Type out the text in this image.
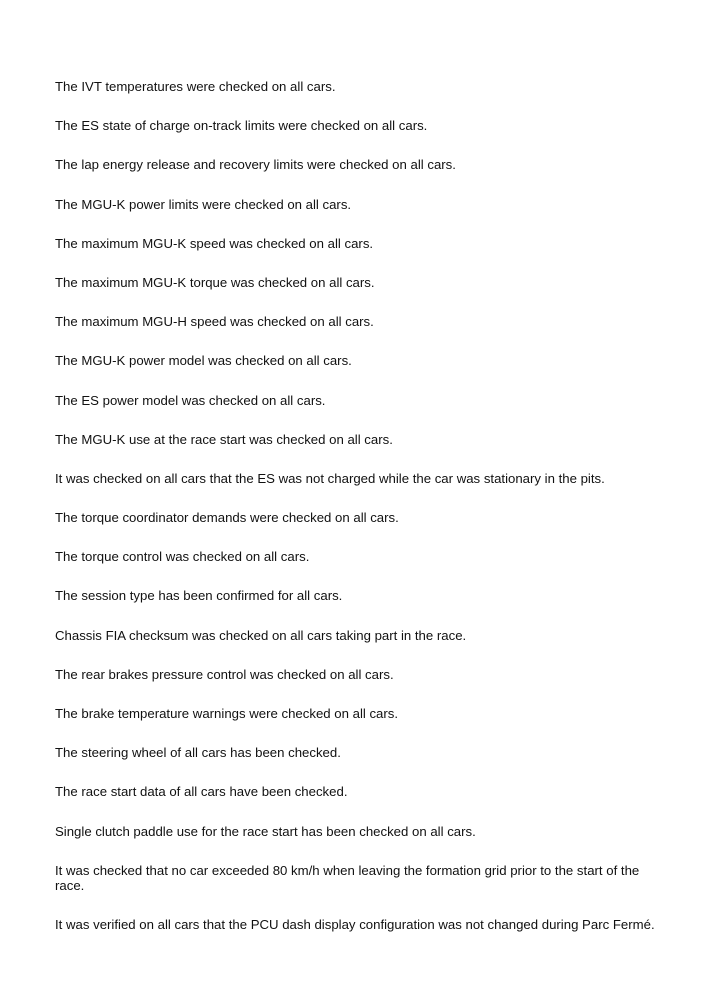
The IVT temperatures were checked on all cars.

The ES state of charge on-track limits were checked on all cars.

The lap energy release and recovery limits were checked on all cars.

The MGU-K power limits were checked on all cars.

The maximum MGU-K speed was checked on all cars.

The maximum MGU-K torque was checked on all cars.

The maximum MGU-H speed was checked on all cars.

The MGU-K power model was checked on all cars.

The ES power model was checked on all cars.

The MGU-K use at the race start was checked on all cars.

It was checked on all cars that the ES was not charged while the car was stationary in the pits.

The torque coordinator demands were checked on all cars.

The torque control was checked on all cars.

The session type has been confirmed for all cars.

Chassis FIA checksum was checked on all cars taking part in the race.

The rear brakes pressure control was checked on all cars.

The brake temperature warnings were checked on all cars.

The steering wheel of all cars has been checked.

The race start data of all cars have been checked.

Single clutch paddle use for the race start has been checked on all cars.

It was checked that no car exceeded 80 km/h when leaving the formation grid prior to the start of the race.

It was verified on all cars that the PCU dash display configuration was not changed during Parc Fermé.
